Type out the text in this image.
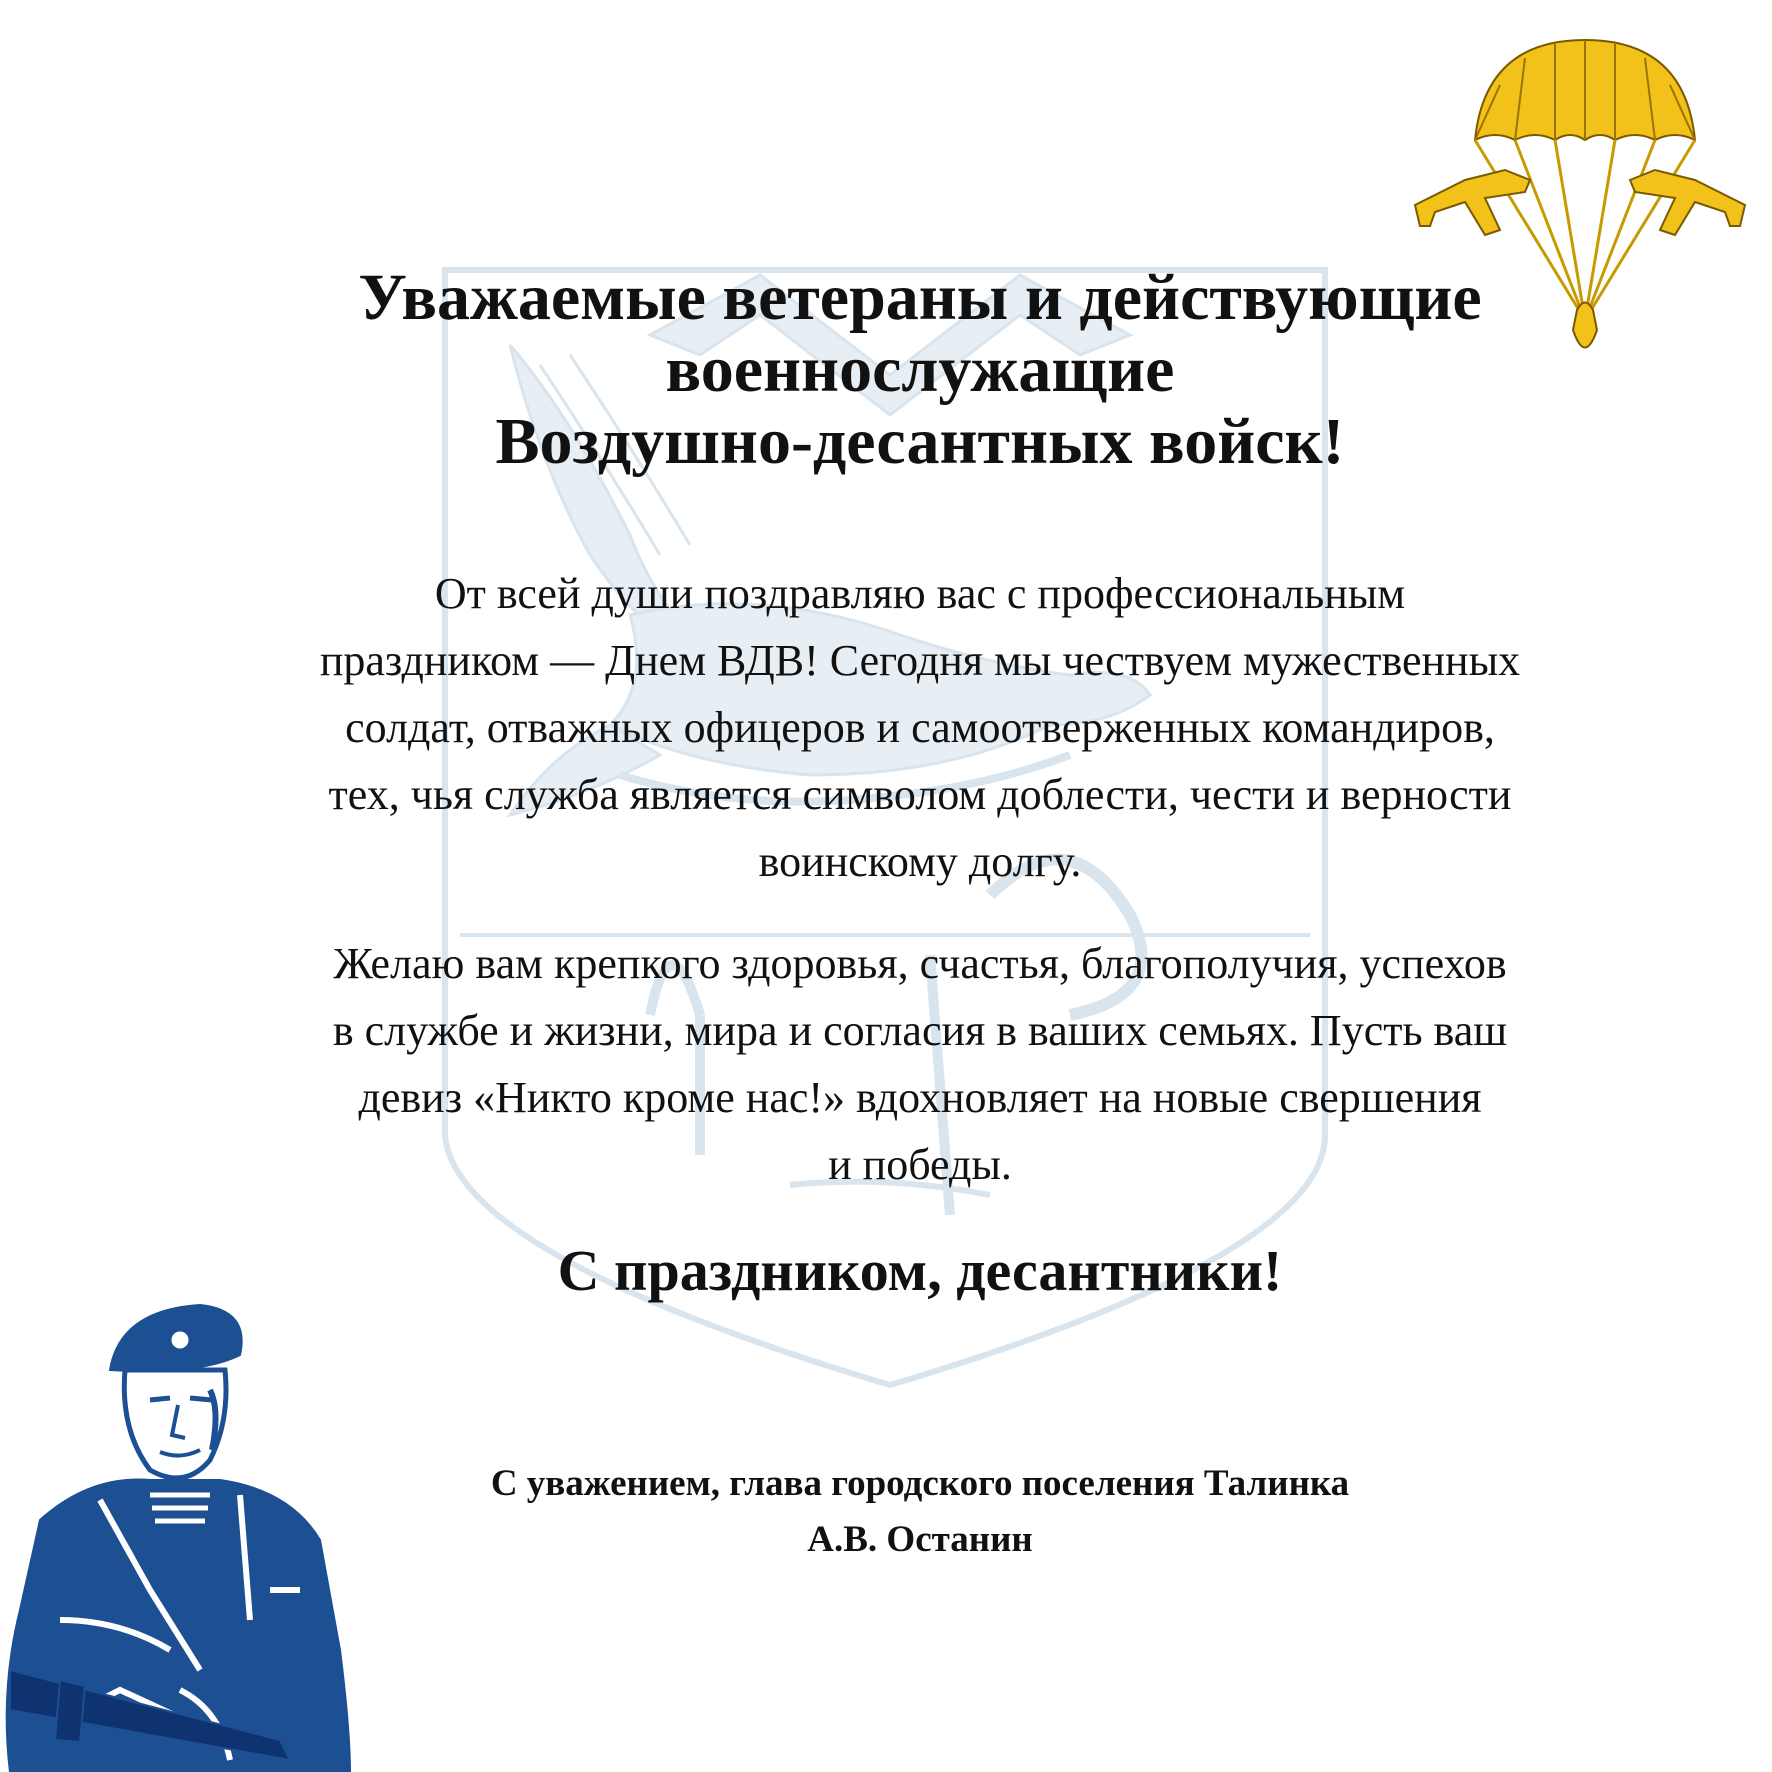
Уважаемые ветераны и действующие
военнослужащие
Воздушно-десантных войск!
От всей души поздравляю вас с профессиональным
праздником — Днем ВДВ! Сегодня мы чествуем мужественных
солдат, отважных офицеров и самоотверженных командиров,
тех, чья служба является символом доблести, чести и верности
воинскому долгу.
Желаю вам крепкого здоровья, счастья, благополучия, успехов
в службе и жизни, мира и согласия в ваших семьях. Пусть ваш
девиз «Никто кроме нас!» вдохновляет на новые свершения
и победы.
С праздником, десантники!
С уважением, глава городского поселения Талинка
А.В. Останин
